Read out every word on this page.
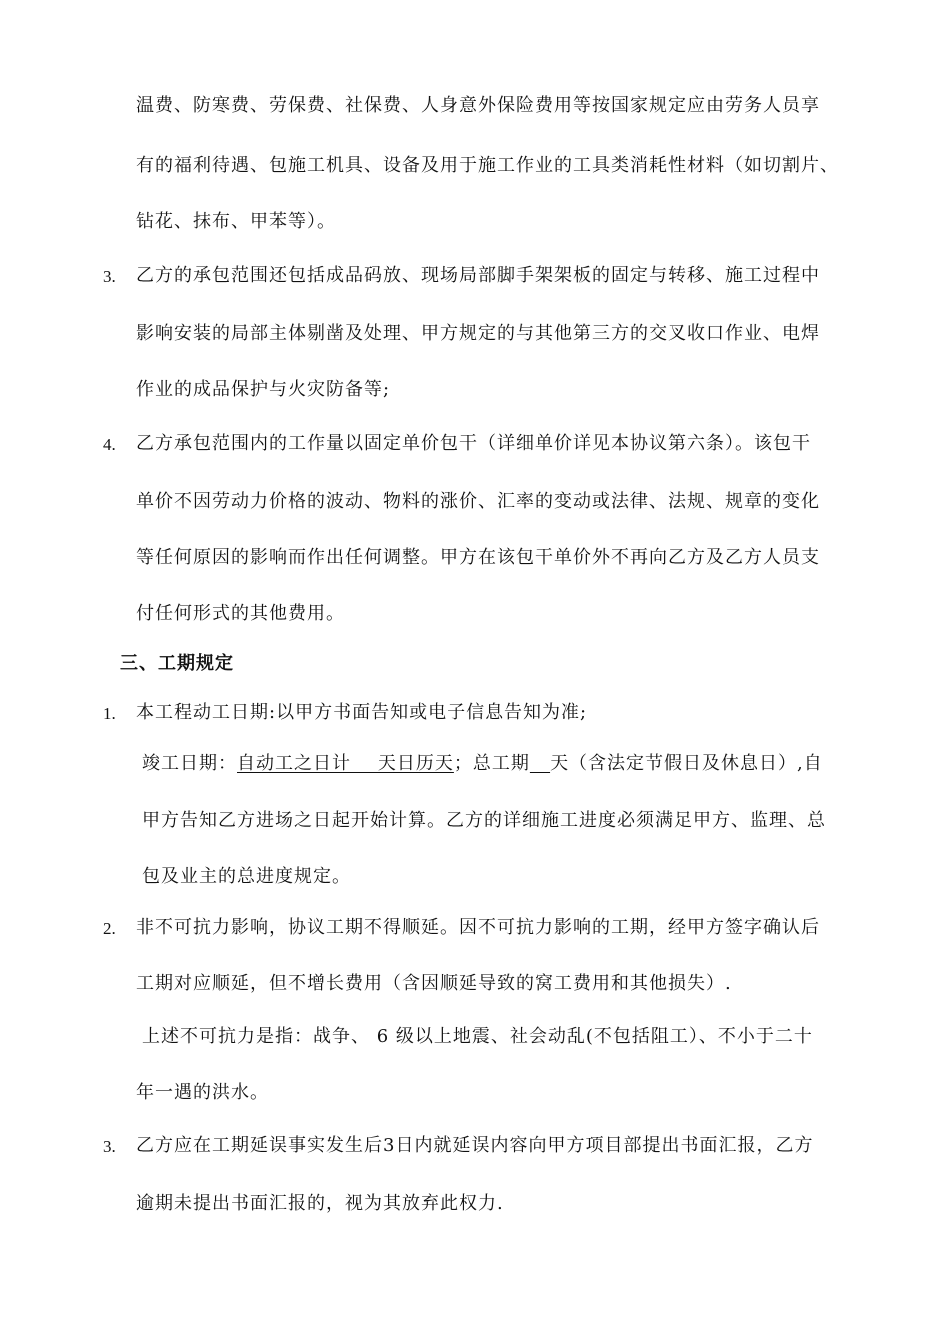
温费、防寒费、劳保费、社保费、人身意外保险费用等按国家规定应由劳务人员享
有的福利待遇、包施工机具、设备及用于施工作业的工具类消耗性材料（如切割片、
钻花、抹布、甲苯等）。
3. 乙方的承包范围还包括成品码放、现场局部脚手架架板的固定与转移、施工过程中
影响安装的局部主体剔凿及处理、甲方规定的与其他第三方的交叉收口作业、电焊
作业的成品保护与火灾防备等;
4. 乙方承包范围内的工作量以固定单价包干（详细单价详见本协议第六条）。该包干
单价不因劳动力价格的波动、物料的涨价、汇率的变动或法律、法规、规章的变化
等任何原因的影响而作出任何调整。甲方在该包干单价外不再向乙方及乙方人员支
付任何形式的其他费用。
三、工期规定
1. 本工程动工日期:以甲方书面告知或电子信息告知为准;
竣工日期：自动工之日计    天日历天；总工期 天（含法定节假日及休息日）,自
甲方告知乙方进场之日起开始计算。乙方的详细施工进度必须满足甲方、监理、总
包及业主的总进度规定。
2. 非不可抗力影响，协议工期不得顺延。因不可抗力影响的工期，经甲方签字确认后
工期对应顺延，但不增长费用（含因顺延导致的窝工费用和其他损失）.
上述不可抗力是指：战争、 6 级以上地震、社会动乱(不包括阻工）、不小于二十
年一遇的洪水。
3. 乙方应在工期延误事实发生后3日内就延误内容向甲方项目部提出书面汇报，乙方
逾期未提出书面汇报的，视为其放弃此权力.
